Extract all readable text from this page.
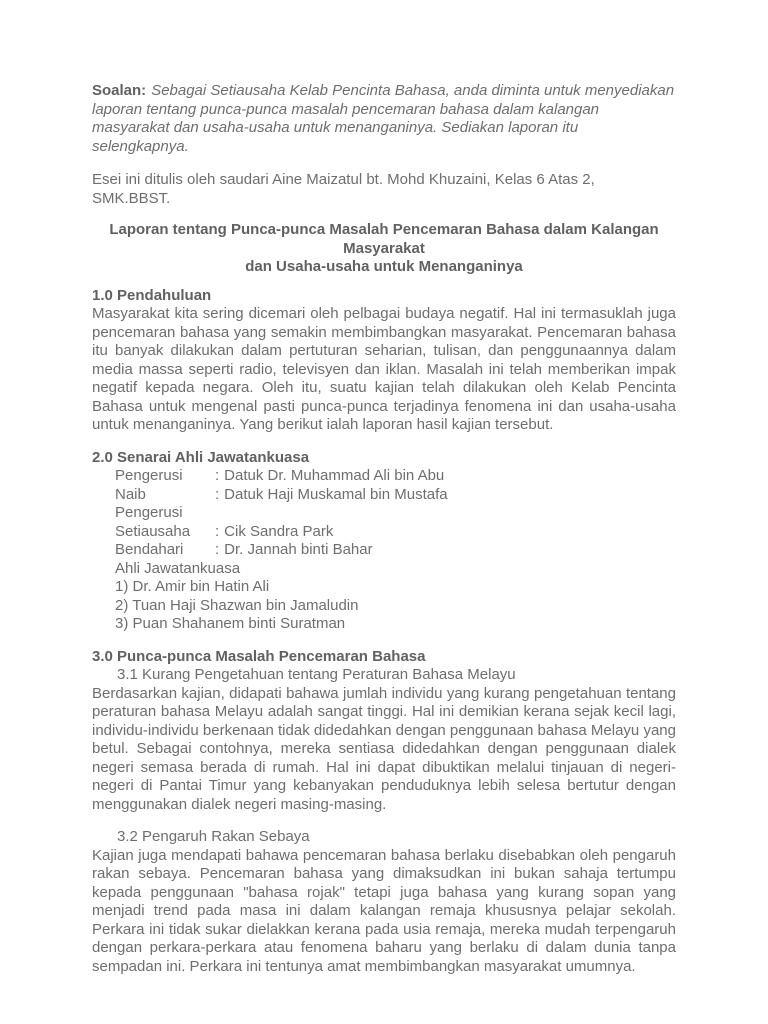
Soalan: Sebagai Setiausaha Kelab Pencinta Bahasa, anda diminta untuk menyediakan laporan tentang punca-punca masalah pencemaran bahasa dalam kalangan masyarakat dan usaha-usaha untuk menanganinya. Sediakan laporan itu selengkapnya.

Esei ini ditulis oleh saudari Aine Maizatul bt. Mohd Khuzaini, Kelas 6 Atas 2, SMK.BBST.

Laporan tentang Punca-punca Masalah Pencemaran Bahasa dalam Kalangan Masyarakat
dan Usaha-usaha untuk Menanganinya
1.0 Pendahuluan

Masyarakat kita sering dicemari oleh pelbagai budaya negatif. Hal ini termasuklah juga pencemaran bahasa yang semakin membimbangkan masyarakat. Pencemaran bahasa itu banyak dilakukan dalam pertuturan seharian, tulisan, dan penggunaannya dalam media massa seperti radio, televisyen dan iklan. Masalah ini telah memberikan impak negatif kepada negara. Oleh itu, suatu kajian telah dilakukan oleh Kelab Pencinta Bahasa untuk mengenal pasti punca-punca terjadinya fenomena ini dan usaha-usaha untuk menanganinya. Yang berikut ialah laporan hasil kajian tersebut.

2.0 Senarai Ahli Jawatankuasa
Pengerusi	: Datuk Dr. Muhammad Ali bin Abu
Naib Pengerusi
: Datuk Haji Muskamal bin Mustafa
Setiausaha	: Cik Sandra Park
Bendahari	: Dr. Jannah binti Bahar
Ahli Jawatankuasa
1) Dr. Amir bin Hatin Ali
2) Tuan Haji Shazwan bin Jamaludin
3) Puan Shahanem binti Suratman
3.0 Punca-punca Masalah Pencemaran Bahasa
3.1 Kurang Pengetahuan tentang Peraturan Bahasa Melayu

Berdasarkan kajian, didapati bahawa jumlah individu yang kurang pengetahuan tentang peraturan bahasa Melayu adalah sangat tinggi. Hal ini demikian kerana sejak kecil lagi, individu-individu berkenaan tidak didedahkan dengan penggunaan bahasa Melayu yang betul. Sebagai contohnya, mereka sentiasa didedahkan dengan penggunaan dialek negeri semasa berada di rumah. Hal ini dapat dibuktikan melalui tinjauan di negeri-negeri di Pantai Timur yang kebanyakan penduduknya lebih selesa bertutur dengan menggunakan dialek negeri masing-masing.

3.2 Pengaruh Rakan Sebaya

Kajian juga mendapati bahawa pencemaran bahasa berlaku disebabkan oleh pengaruh rakan sebaya. Pencemaran bahasa yang dimaksudkan ini bukan sahaja tertumpu kepada penggunaan "bahasa rojak" tetapi juga bahasa yang kurang sopan yang menjadi trend pada masa ini dalam kalangan remaja khususnya pelajar sekolah. Perkara ini tidak sukar dielakkan kerana pada usia remaja, mereka mudah terpengaruh dengan perkara-perkara atau fenomena baharu yang berlaku di dalam dunia tanpa sempadan ini. Perkara ini tentunya amat membimbangkan masyarakat umumnya.
